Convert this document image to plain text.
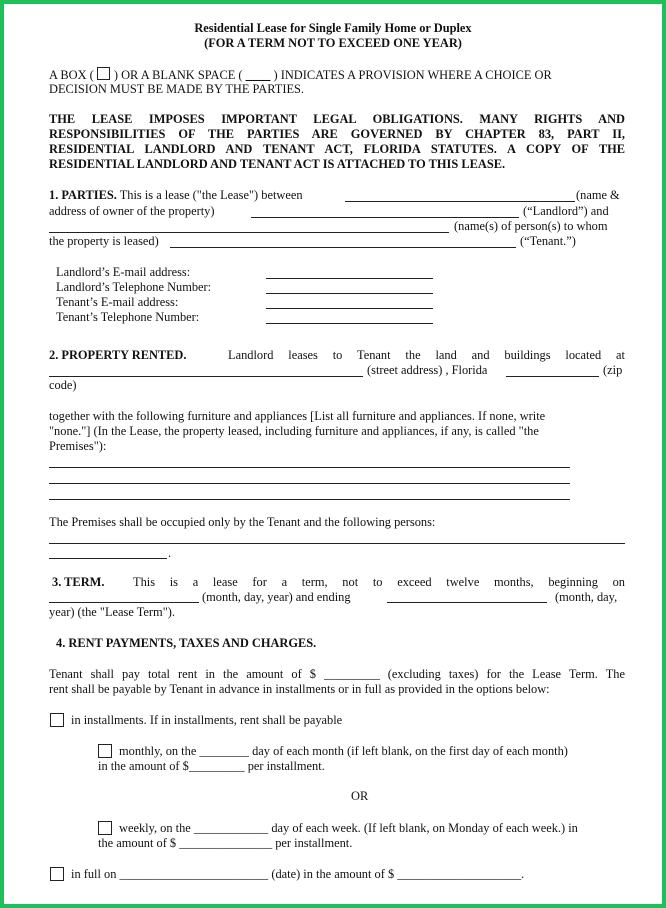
Residential Lease for Single Family Home or Duplex
(FOR A TERM NOT TO EXCEED ONE YEAR)
A BOX ( ) OR A BLANK SPACE ( ____ ) INDICATES A PROVISION WHERE A CHOICE OR
DECISION MUST BE MADE BY THE PARTIES.
THE LEASE IMPOSES IMPORTANT LEGAL OBLIGATIONS. MANY RIGHTS AND
RESPONSIBILITIES OF THE PARTIES ARE GOVERNED BY CHAPTER 83, PART II,
RESIDENTIAL LANDLORD AND TENANT ACT, FLORIDA STATUTES. A COPY OF THE
RESIDENTIAL LANDLORD AND TENANT ACT IS ATTACHED TO THIS LEASE.
1. PARTIES. This is a lease ("the Lease") between	(name &
address of owner of the property)	(“Landlord”) and
(name(s) of person(s) to whom
the property is leased)	(“Tenant.”)
Landlord’s E-mail address:
Landlord’s Telephone Number:
Tenant’s E-mail address:
Tenant’s Telephone Number:
2. PROPERTY RENTED.	Landlord leases to Tenant the land and buildings located at
(street address) , Florida	(zip
code)
together with the following furniture and appliances [List all furniture and appliances. If none, write
"none."] (In the Lease, the property leased, including furniture and appliances, if any, is called "the
Premises"):
The Premises shall be occupied only by the Tenant and the following persons:
.
3. TERM. This is a lease for a term, not to exceed twelve months, beginning on
(month, day, year) and ending	(month, day,
year) (the "Lease Term").
4. RENT PAYMENTS, TAXES AND CHARGES.
Tenant shall pay total rent in the amount of $ _________ (excluding taxes) for the Lease Term. The
rent shall be payable by Tenant in advance in installments or in full as provided in the options below:
in installments. If in installments, rent shall be payable
monthly, on the ________ day of each month (if left blank, on the first day of each month)
in the amount of $_________ per installment.
OR
weekly, on the ____________ day of each week. (If left blank, on Monday of each week.) in
the amount of $ _______________ per installment.
in full on ________________________ (date) in the amount of $ ____________________.
